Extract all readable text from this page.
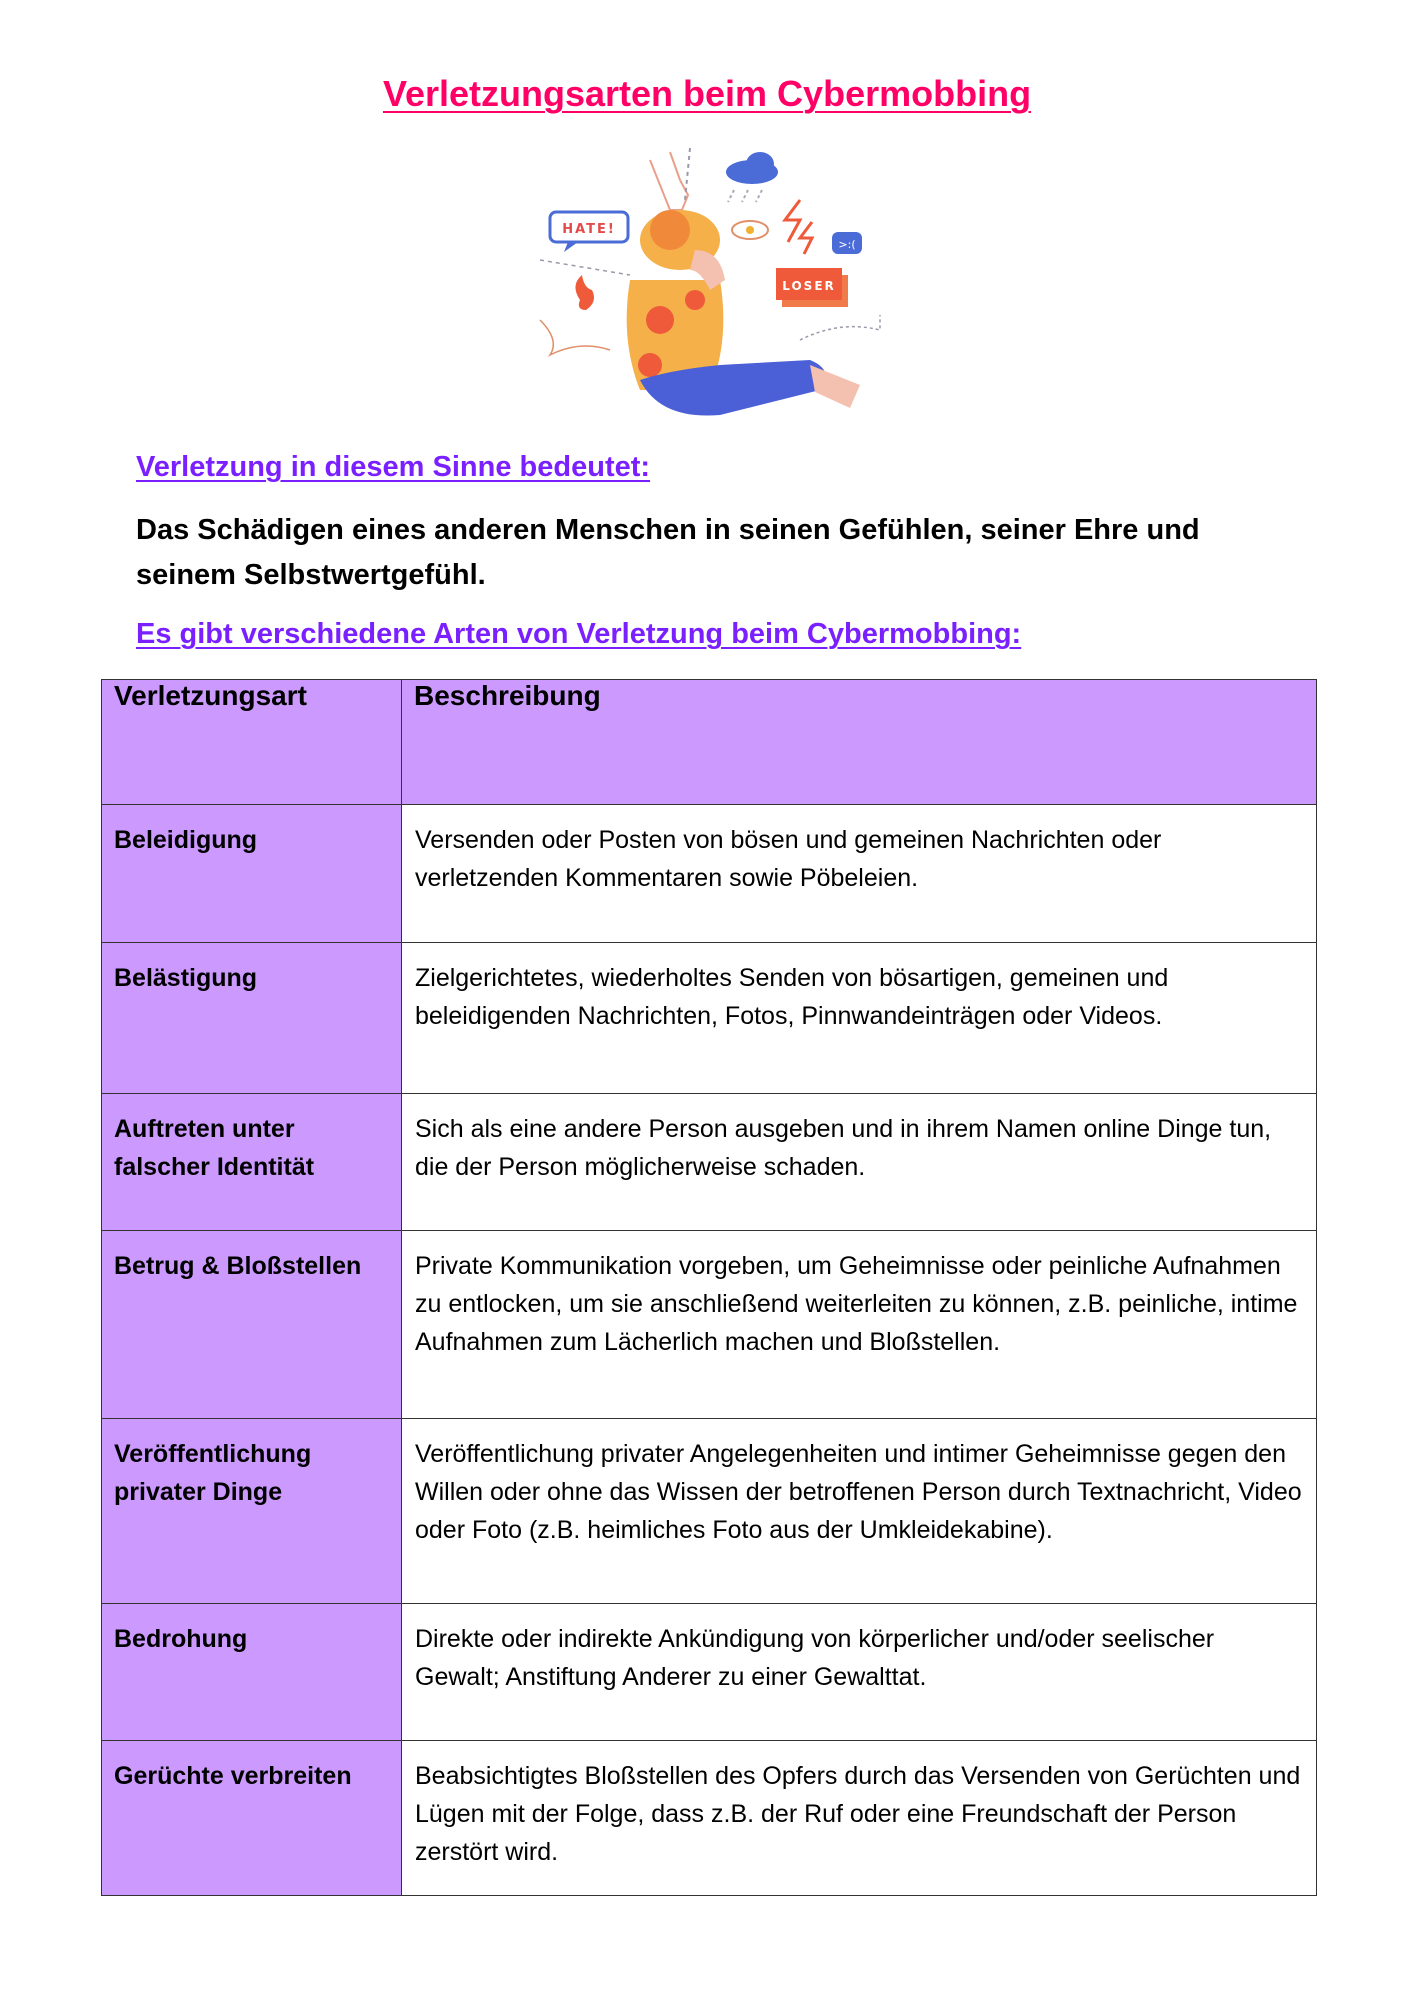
Verletzungsarten beim Cybermobbing
HATE!
>:(
LOSER
Verletzung in diesem Sinne bedeutet:

Das Schädigen eines anderen Menschen in seinen Gefühlen, seiner Ehre und seinem Selbstwertgefühl.

Es gibt verschiedene Arten von Verletzung beim Cybermobbing:
Verletzungsart	Beschreibung
Beleidigung	Versenden oder Posten von bösen und gemeinen Nachrichten oder verletzenden Kommentaren sowie Pöbeleien.
Belästigung	Zielgerichtetes, wiederholtes Senden von bösartigen, gemeinen und beleidigenden Nachrichten, Fotos, Pinnwandeinträgen oder Videos.
Auftreten unter falscher Identität	Sich als eine andere Person ausgeben und in ihrem Namen online Dinge tun, die der Person möglicherweise schaden.
Betrug & Bloßstellen	Private Kommunikation vorgeben, um Geheimnisse oder peinliche Aufnahmen zu entlocken, um sie anschließend weiterleiten zu können, z.B. peinliche, intime Aufnahmen zum Lächerlich machen und Bloßstellen.
Veröffentlichung privater Dinge	Veröffentlichung privater Angelegenheiten und intimer Geheimnisse gegen den Willen oder ohne das Wissen der betroffenen Person durch Textnachricht, Video oder Foto (z.B. heimliches Foto aus der Umkleidekabine).
Bedrohung	Direkte oder indirekte Ankündigung von körperlicher und/oder seelischer Gewalt; Anstiftung Anderer zu einer Gewalttat.
Gerüchte verbreiten	Beabsichtigtes Bloßstellen des Opfers durch das Versenden von Gerüchten und Lügen mit der Folge, dass z.B. der Ruf oder eine Freundschaft der Person zerstört wird.
